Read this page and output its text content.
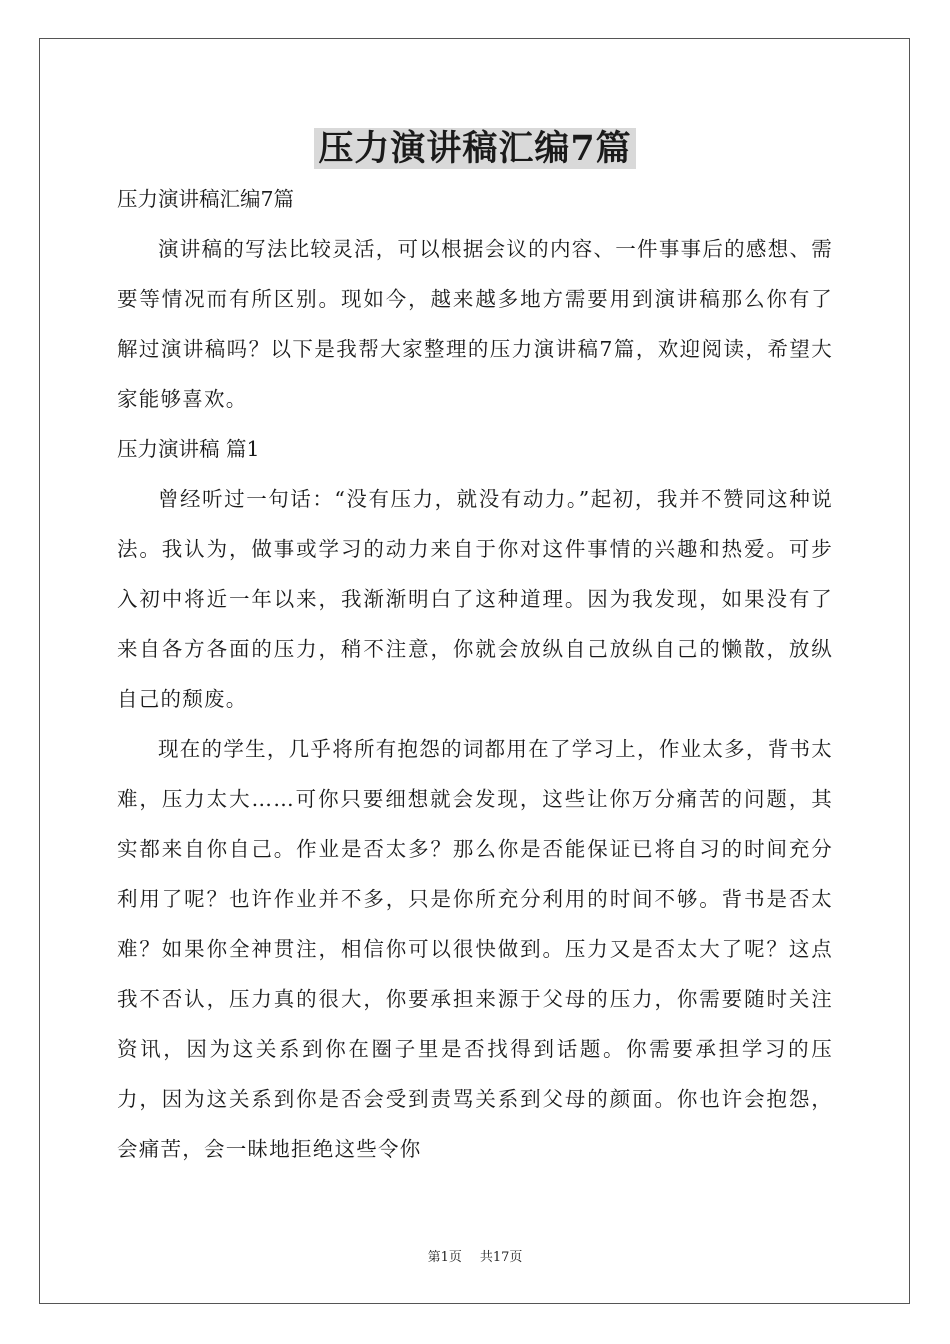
压力演讲稿汇编7篇
压力演讲稿汇编7篇
演讲稿的写法比较灵活，可以根据会议的内容、一件事事后的感想、需要等情况而有所区别。现如今，越来越多地方需要用到演讲稿那么你有了解过演讲稿吗？以下是我帮大家整理的压力演讲稿7篇，欢迎阅读，希望大家能够喜欢。
压力演讲稿 篇1
曾经听过一句话：“没有压力，就没有动力。”起初，我并不赞同这种说法。我认为，做事或学习的动力来自于你对这件事情的兴趣和热爱。可步入初中将近一年以来，我渐渐明白了这种道理。因为我发现，如果没有了来自各方各面的压力，稍不注意，你就会放纵自己放纵自己的懒散，放纵自己的颓废。
现在的学生，几乎将所有抱怨的词都用在了学习上，作业太多，背书太难，压力太大……可你只要细想就会发现，这些让你万分痛苦的问题，其实都来自你自己。作业是否太多？那么你是否能保证已将自习的时间充分利用了呢？也许作业并不多，只是你所充分利用的时间不够。背书是否太难？如果你全神贯注，相信你可以很快做到。压力又是否太大了呢？这点我不否认，压力真的很大，你要承担来源于父母的压力，你需要随时关注资讯，因为这关系到你在圈子里是否找得到话题。你需要承担学习的压力，因为这关系到你是否会受到责骂关系到父母的颜面。你也许会抱怨，会痛苦，会一昧地拒绝这些令你
第1页 共17页
